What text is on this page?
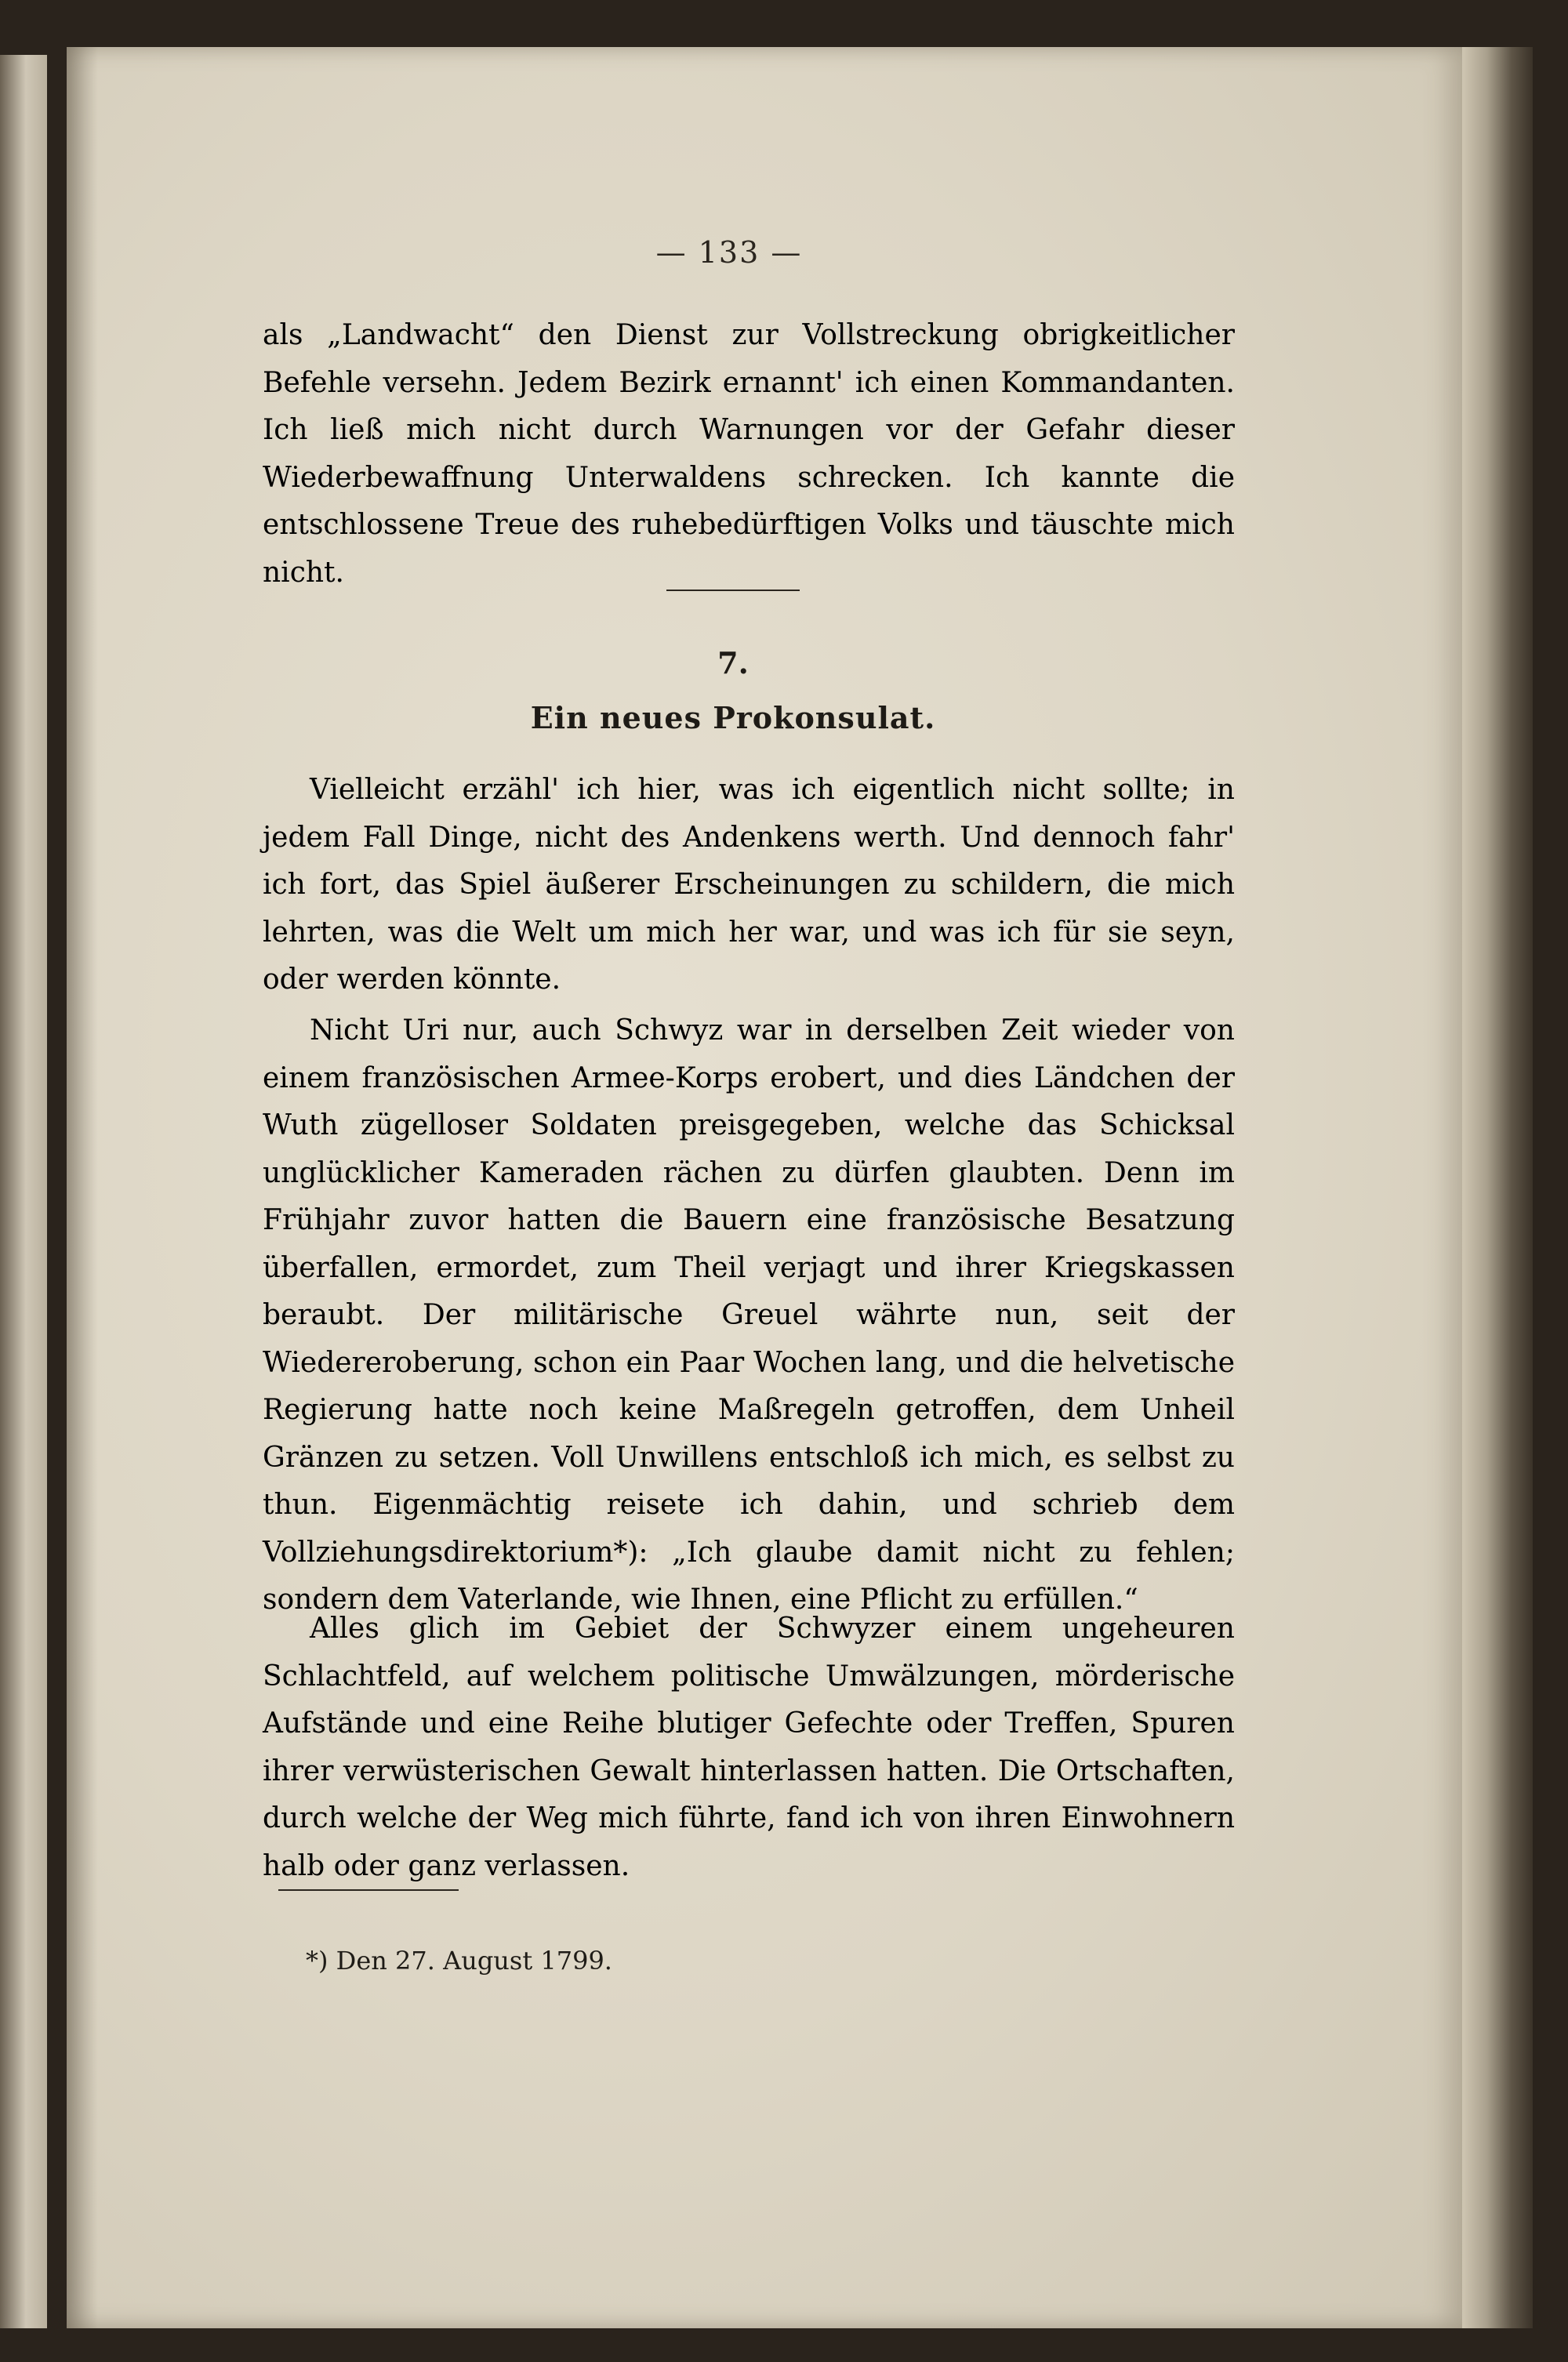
— 133 —

als „Landwacht“ den Dienst zur Vollstreckung obrigkeitlicher Befehle versehn. Jedem Bezirk ernannt' ich einen Kommandanten. Ich ließ mich nicht durch Warnungen vor der Gefahr dieser Wiederbewaffnung Unterwaldens schrecken. Ich kannte die entschlossene Treue des ruhebedürftigen Volks und täuschte mich nicht.

7.
Ein neues Prokonsulat.

Vielleicht erzähl' ich hier, was ich eigentlich nicht sollte; in jedem Fall Dinge, nicht des Andenkens werth. Und dennoch fahr' ich fort, das Spiel äußerer Erscheinungen zu schildern, die mich lehrten, was die Welt um mich her war, und was ich für sie seyn, oder werden könnte.

Nicht Uri nur, auch Schwyz war in derselben Zeit wieder von einem französischen Armee-Korps erobert, und dies Ländchen der Wuth zügelloser Soldaten preisgegeben, welche das Schicksal unglücklicher Kameraden rächen zu dürfen glaubten. Denn im Frühjahr zuvor hatten die Bauern eine französische Besatzung überfallen, ermordet, zum Theil verjagt und ihrer Kriegskassen beraubt. Der militärische Greuel währte nun, seit der Wiedereroberung, schon ein Paar Wochen lang, und die helvetische Regierung hatte noch keine Maßregeln getroffen, dem Unheil Gränzen zu setzen. Voll Unwillens entschloß ich mich, es selbst zu thun. Eigenmächtig reisete ich dahin, und schrieb dem Vollziehungsdirektorium*): „Ich glaube damit nicht zu fehlen; sondern dem Vaterlande, wie Ihnen, eine Pflicht zu erfüllen.“

Alles glich im Gebiet der Schwyzer einem ungeheuren Schlachtfeld, auf welchem politische Umwälzungen, mörderische Aufstände und eine Reihe blutiger Gefechte oder Treffen, Spuren ihrer verwüsterischen Gewalt hinterlassen hatten. Die Ortschaften, durch welche der Weg mich führte, fand ich von ihren Einwohnern halb oder ganz verlassen.

*) Den 27. August 1799.
